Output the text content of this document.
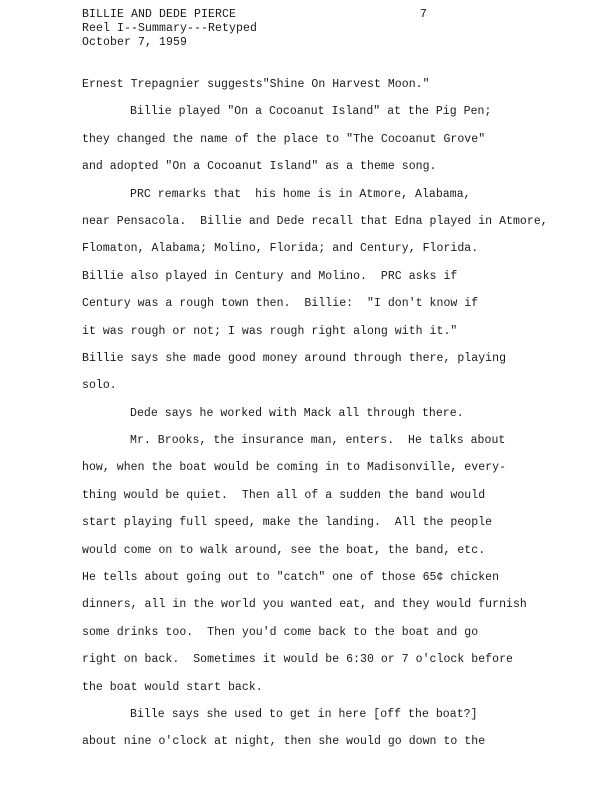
BILLIE AND DEDE PIERCE
Reel I--Summary---Retyped
October 7, 1959
7
Ernest Trepagnier suggests"Shine On Harvest Moon."
Billie played "On a Cocoanut Island" at the Pig Pen;
they changed the name of the place to "The Cocoanut Grove"
and adopted "On a Cocoanut Island" as a theme song.
PRC remarks that  his home is in Atmore, Alabama,
near Pensacola.  Billie and Dede recall that Edna played in Atmore,
Flomaton, Alabama; Molino, Florida; and Century, Florida.
Billie also played in Century and Molino.  PRC asks if
Century was a rough town then.  Billie:  "I don't know if
it was rough or not; I was rough right along with it."
Billie says she made good money around through there, playing
solo.
Dede says he worked with Mack all through there.
Mr. Brooks, the insurance man, enters.  He talks about
how, when the boat would be coming in to Madisonville, every-
thing would be quiet.  Then all of a sudden the band would
start playing full speed, make the landing.  All the people
would come on to walk around, see the boat, the band, etc.
He tells about going out to "catch" one of those 65¢ chicken
dinners, all in the world you wanted eat, and they would furnish
some drinks too.  Then you'd come back to the boat and go
right on back.  Sometimes it would be 6:30 or 7 o'clock before
the boat would start back.
Bille says she used to get in here [off the boat?]
about nine o'clock at night, then she would go down to the
